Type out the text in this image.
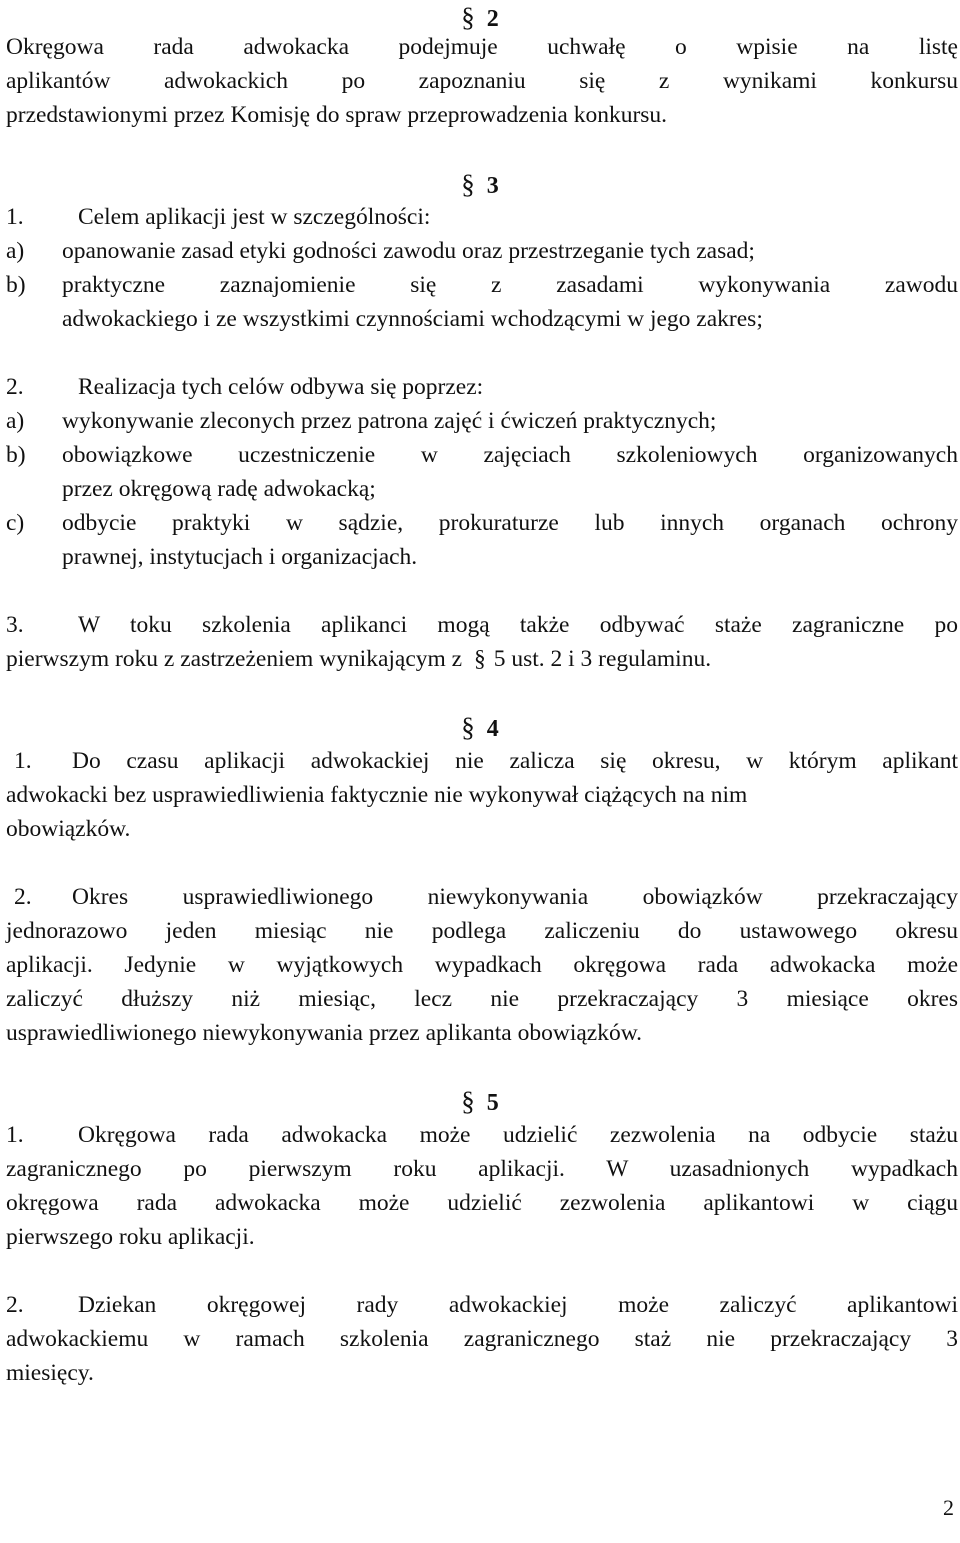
§ 2
Okręgowa rada adwokacka podejmuje uchwałę o wpisie na listę
aplikantów adwokackich po zapoznaniu się z wynikami konkursu
przedstawionymi przez Komisję do spraw przeprowadzenia konkursu.
§ 3
1. Celem aplikacji jest w szczególności:
a) opanowanie zasad etyki godności zawodu oraz przestrzeganie tych zasad;
b)	praktyczne zaznajomienie się z zasadami wykonywania zawodu
adwokackiego i ze wszystkimi czynnościami wchodzącymi w jego zakres;
2. Realizacja tych celów odbywa się poprzez:
a) wykonywanie zleconych przez patrona zajęć i ćwiczeń praktycznych;
b)	obowiązkowe uczestniczenie w zajęciach szkoleniowych organizowanych
przez okręgową radę adwokacką;
c)	odbycie praktyki w sądzie, prokuraturze lub innych organach ochrony
prawnej, instytucjach i organizacjach.
3.	W toku szkolenia aplikanci mogą także odbywać staże zagraniczne po
pierwszym roku z zastrzeżeniem wynikającym z § 5 ust. 2 i 3 regulaminu.
§ 4
1.	Do czasu aplikacji adwokackiej nie zalicza się okresu, w którym aplikant
adwokacki bez usprawiedliwienia faktycznie nie wykonywał ciążących na nim
obowiązków.
2.	Okres usprawiedliwionego niewykonywania obowiązków przekraczający
jednorazowo jeden miesiąc nie podlega zaliczeniu do ustawowego okresu
aplikacji. Jedynie w wyjątkowych wypadkach okręgowa rada adwokacka może
zaliczyć dłuższy niż miesiąc, lecz nie przekraczający 3 miesiące okres
usprawiedliwionego niewykonywania przez aplikanta obowiązków.
§ 5
1.	Okręgowa rada adwokacka może udzielić zezwolenia na odbycie stażu
zagranicznego po pierwszym roku aplikacji. W uzasadnionych wypadkach
okręgowa rada adwokacka może udzielić zezwolenia aplikantowi w ciągu
pierwszego roku aplikacji.
2.	Dziekan okręgowej rady adwokackiej może zaliczyć aplikantowi
adwokackiemu w ramach szkolenia zagranicznego staż nie przekraczający 3
miesięcy.
2
